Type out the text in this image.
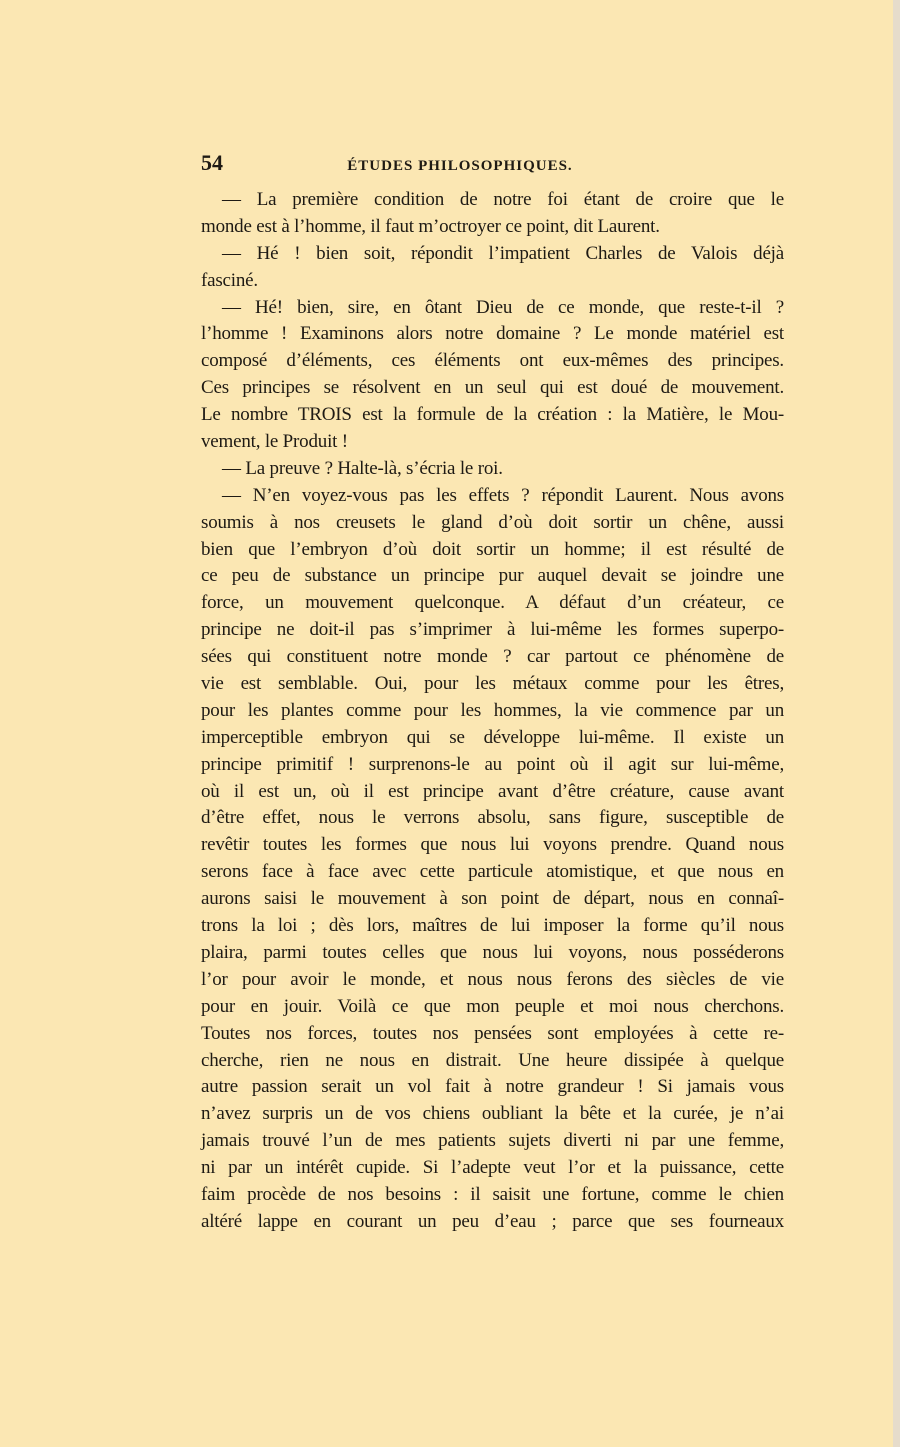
54	ÉTUDES PHILOSOPHIQUES.
— La première condition de notre foi étant de croire que le
monde est à l’homme, il faut m’octroyer ce point, dit Laurent.
— Hé ! bien soit, répondit l’impatient Charles de Valois déjà
fasciné.
— Hé! bien, sire, en ôtant Dieu de ce monde, que reste-t-il ?
l’homme ! Examinons alors notre domaine ? Le monde matériel est
composé d’éléments, ces éléments ont eux-mêmes des principes.
Ces principes se résolvent en un seul qui est doué de mouvement.
Le nombre TROIS est la formule de la création : la Matière, le Mou-
vement, le Produit !
— La preuve ? Halte-là, s’écria le roi.
— N’en voyez-vous pas les effets ? répondit Laurent. Nous avons
soumis à nos creusets le gland d’où doit sortir un chêne, aussi
bien que l’embryon d’où doit sortir un homme; il est résulté de
ce peu de substance un principe pur auquel devait se joindre une
force, un mouvement quelconque. A défaut d’un créateur, ce
principe ne doit-il pas s’imprimer à lui-même les formes superpo-
sées qui constituent notre monde ? car partout ce phénomène de
vie est semblable. Oui, pour les métaux comme pour les êtres,
pour les plantes comme pour les hommes, la vie commence par un
imperceptible embryon qui se développe lui-même. Il existe un
principe primitif ! surprenons-le au point où il agit sur lui-même,
où il est un, où il est principe avant d’être créature, cause avant
d’être effet, nous le verrons absolu, sans figure, susceptible de
revêtir toutes les formes que nous lui voyons prendre. Quand nous
serons face à face avec cette particule atomistique, et que nous en
aurons saisi le mouvement à son point de départ, nous en connaî-
trons la loi ; dès lors, maîtres de lui imposer la forme qu’il nous
plaira, parmi toutes celles que nous lui voyons, nous posséderons
l’or pour avoir le monde, et nous nous ferons des siècles de vie
pour en jouir. Voilà ce que mon peuple et moi nous cherchons.
Toutes nos forces, toutes nos pensées sont employées à cette re-
cherche, rien ne nous en distrait. Une heure dissipée à quelque
autre passion serait un vol fait à notre grandeur ! Si jamais vous
n’avez surpris un de vos chiens oubliant la bête et la curée, je n’ai
jamais trouvé l’un de mes patients sujets diverti ni par une femme,
ni par un intérêt cupide. Si l’adepte veut l’or et la puissance, cette
faim procède de nos besoins : il saisit une fortune, comme le chien
altéré lappe en courant un peu d’eau ; parce que ses fourneaux
